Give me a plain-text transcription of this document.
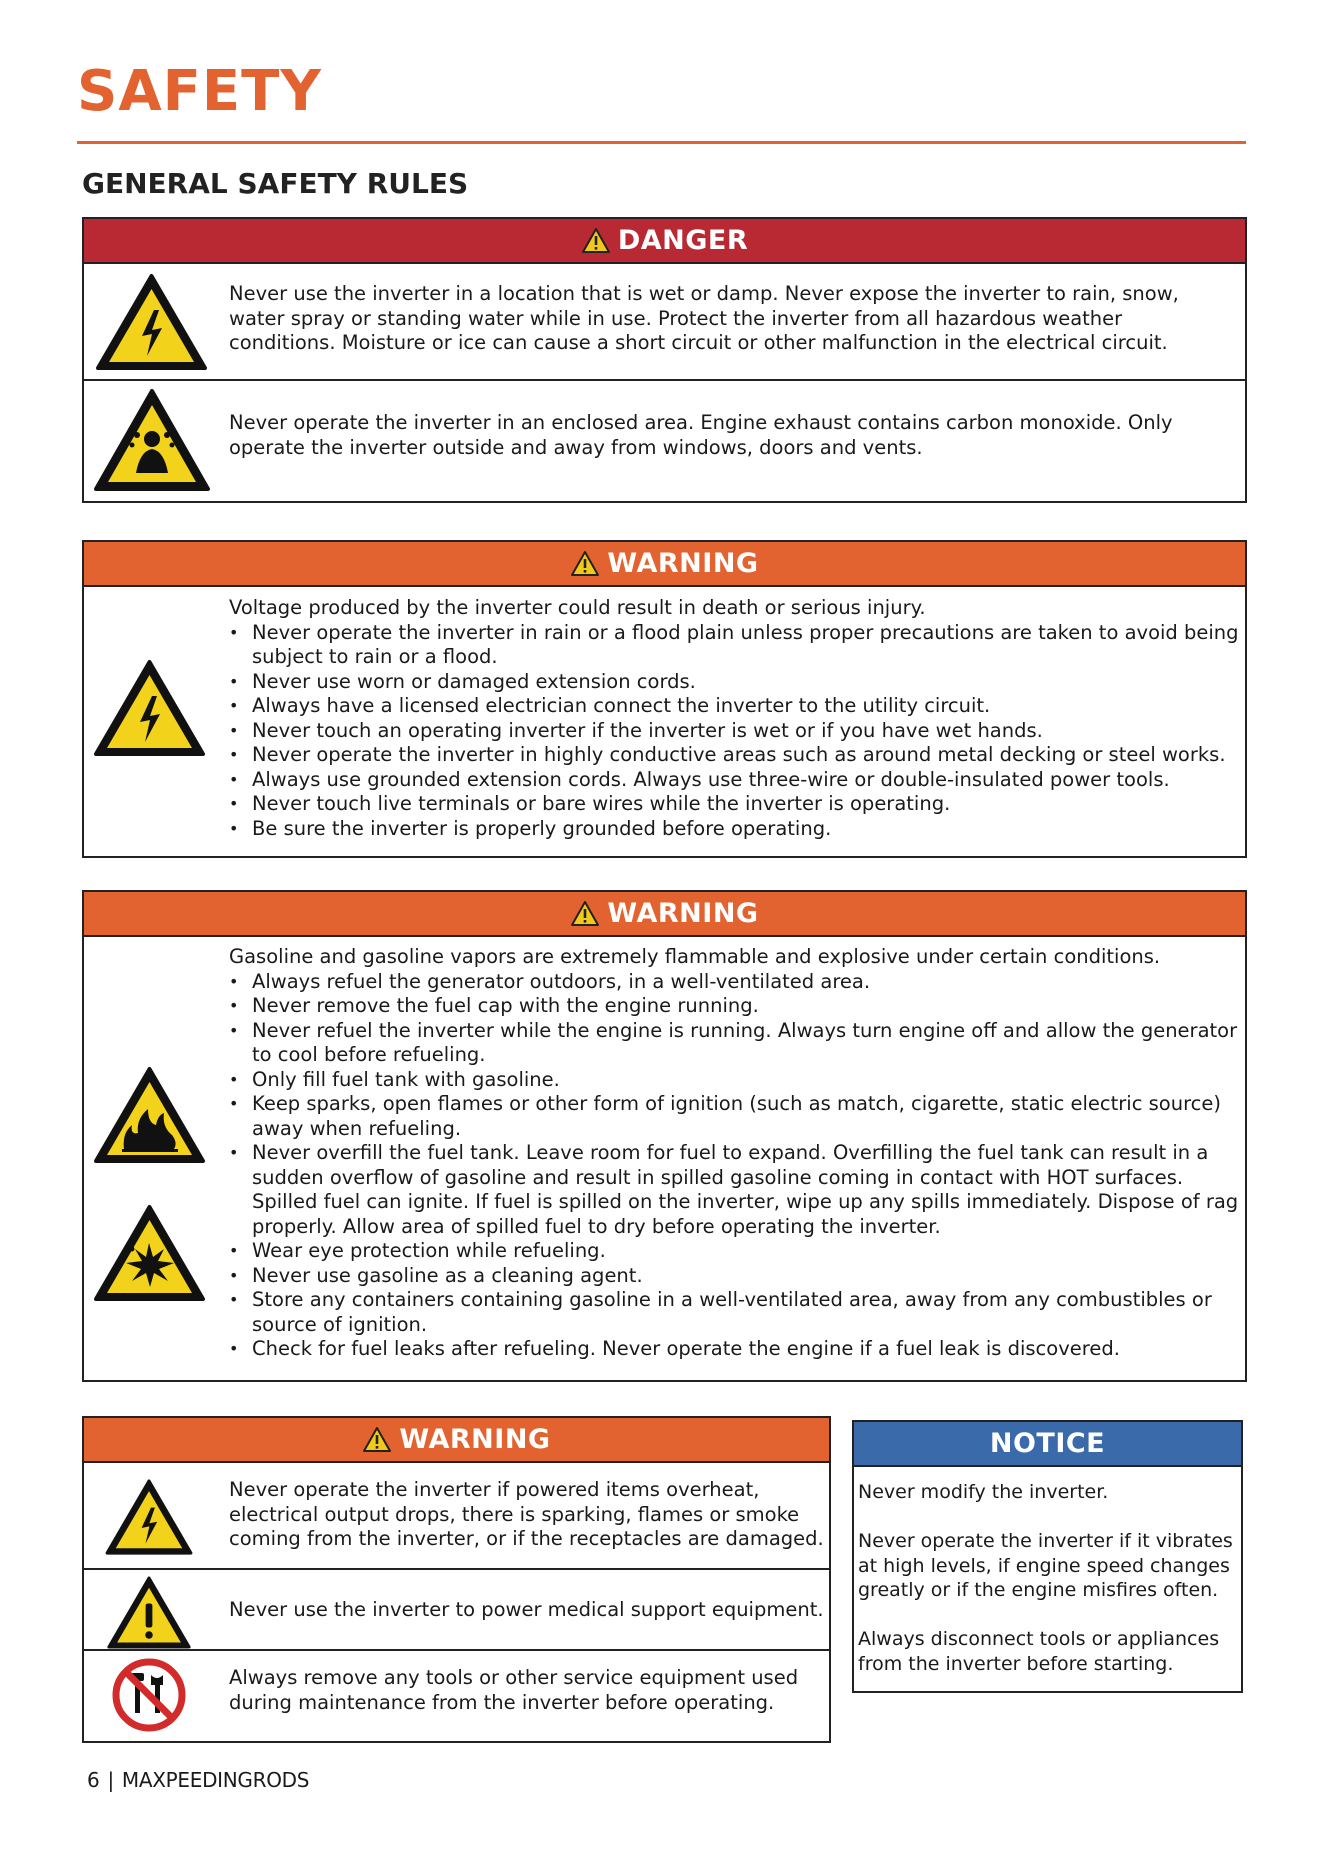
SAFETY
GENERAL SAFETY RULES
DANGER
Never use the inverter in a location that is wet or damp. Never expose the inverter to rain, snow, water spray or standing water while in use. Protect the inverter from all hazardous weather conditions. Moisture or ice can cause a short circuit or other malfunction in the electrical circuit.
Never operate the inverter in an enclosed area. Engine exhaust contains carbon monoxide. Only operate the inverter outside and away from windows, doors and vents.
WARNING

Voltage produced by the inverter could result in death or serious injury.

• Never operate the inverter in rain or a flood plain unless proper precautions are taken to avoid being subject to rain or a flood.
• Never use worn or damaged extension cords.
• Always have a licensed electrician connect the inverter to the utility circuit.
• Never touch an operating inverter if the inverter is wet or if you have wet hands.
• Never operate the inverter in highly conductive areas such as around metal decking or steel works.
• Always use grounded extension cords. Always use three-wire or double-insulated power tools.
• Never touch live terminals or bare wires while the inverter is operating.
• Be sure the inverter is properly grounded before operating.
WARNING

Gasoline and gasoline vapors are extremely flammable and explosive under certain conditions.

• Always refuel the generator outdoors, in a well-ventilated area.
• Never remove the fuel cap with the engine running.
• Never refuel the inverter while the engine is running. Always turn engine off and allow the generator to cool before refueling.
• Only fill fuel tank with gasoline.
• Keep sparks, open flames or other form of ignition (such as match, cigarette, static electric source) away when refueling.
• Never overfill the fuel tank. Leave room for fuel to expand. Overfilling the fuel tank can result in a sudden overflow of gasoline and result in spilled gasoline coming in contact with HOT surfaces. Spilled fuel can ignite. If fuel is spilled on the inverter, wipe up any spills immediately. Dispose of rag properly. Allow area of spilled fuel to dry before operating the inverter.
• Wear eye protection while refueling.
• Never use gasoline as a cleaning agent.
• Store any containers containing gasoline in a well-ventilated area, away from any combustibles or source of ignition.
• Check for fuel leaks after refueling. Never operate the engine if a fuel leak is discovered.
WARNING
Never operate the inverter if powered items overheat, electrical output drops, there is sparking, flames or smoke coming from the inverter, or if the receptacles are damaged.
Never use the inverter to power medical support equipment.
Always remove any tools or other service equipment used during maintenance from the inverter before operating.
NOTICE

Never modify the inverter.

Never operate the inverter if it vibrates at high levels, if engine speed changes greatly or if the engine misfires often.

Always disconnect tools or appliances from the inverter before starting.

6 | MAXPEEDINGRODS
